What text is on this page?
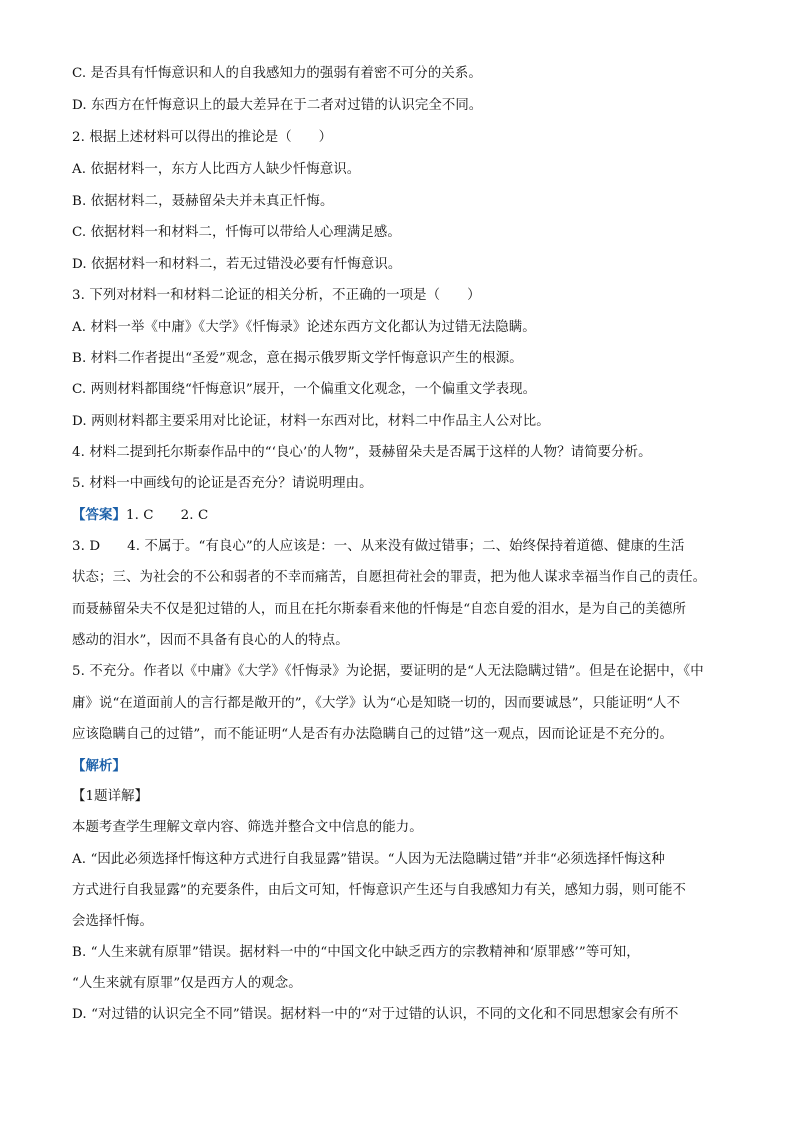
C. 是否具有忏悔意识和人的自我感知力的强弱有着密不可分的关系。
D. 东西方在忏悔意识上的最大差异在于二者对过错的认识完全不同。
2. 根据上述材料可以得出的推论是（　　）
A. 依据材料一，东方人比西方人缺少忏悔意识。
B. 依据材料二，聂赫留朵夫并未真正忏悔。
C. 依据材料一和材料二，忏悔可以带给人心理满足感。
D. 依据材料一和材料二，若无过错没必要有忏悔意识。
3. 下列对材料一和材料二论证的相关分析，不正确的一项是（　　）
A. 材料一举《中庸》《大学》《忏悔录》论述东西方文化都认为过错无法隐瞒。
B. 材料二作者提出“圣爱”观念，意在揭示俄罗斯文学忏悔意识产生的根源。
C. 两则材料都围绕“忏悔意识”展开，一个偏重文化观念，一个偏重文学表现。
D. 两则材料都主要采用对比论证，材料一东西对比，材料二中作品主人公对比。
4. 材料二提到托尔斯泰作品中的“‘良心’的人物”，聂赫留朵夫是否属于这样的人物？请简要分析。
5. 材料一中画线句的论证是否充分？请说明理由。
【答案】1. C　　2. C
3. D　　4. 不属于。“有良心”的人应该是：一、从来没有做过错事；二、始终保持着道德、健康的生活
状态；三、为社会的不公和弱者的不幸而痛苦，自愿担荷社会的罪责，把为他人谋求幸福当作自己的责任。
而聂赫留朵夫不仅是犯过错的人，而且在托尔斯泰看来他的忏悔是“自恋自爱的泪水，是为自己的美德所
感动的泪水”，因而不具备有良心的人的特点。
5. 不充分。作者以《中庸》《大学》《忏悔录》为论据，要证明的是“人无法隐瞒过错”。但是在论据中，《中
庸》说“在道面前人的言行都是敞开的”，《大学》认为“心是知晓一切的，因而要诚恳”，只能证明“人不
应该隐瞒自己的过错”，而不能证明“人是否有办法隐瞒自己的过错”这一观点，因而论证是不充分的。
【解析】
【1题详解】
本题考查学生理解文章内容、筛选并整合文中信息的能力。
A. “因此必须选择忏悔这种方式进行自我显露”错误。“人因为无法隐瞒过错”并非“必须选择忏悔这种
方式进行自我显露”的充要条件，由后文可知，忏悔意识产生还与自我感知力有关，感知力弱，则可能不
会选择忏悔。
B. “人生来就有原罪”错误。据材料一中的“中国文化中缺乏西方的宗教精神和‘原罪感’”等可知，
“人生来就有原罪”仅是西方人的观念。
D. “对过错的认识完全不同”错误。据材料一中的“对于过错的认识，不同的文化和不同思想家会有所不
